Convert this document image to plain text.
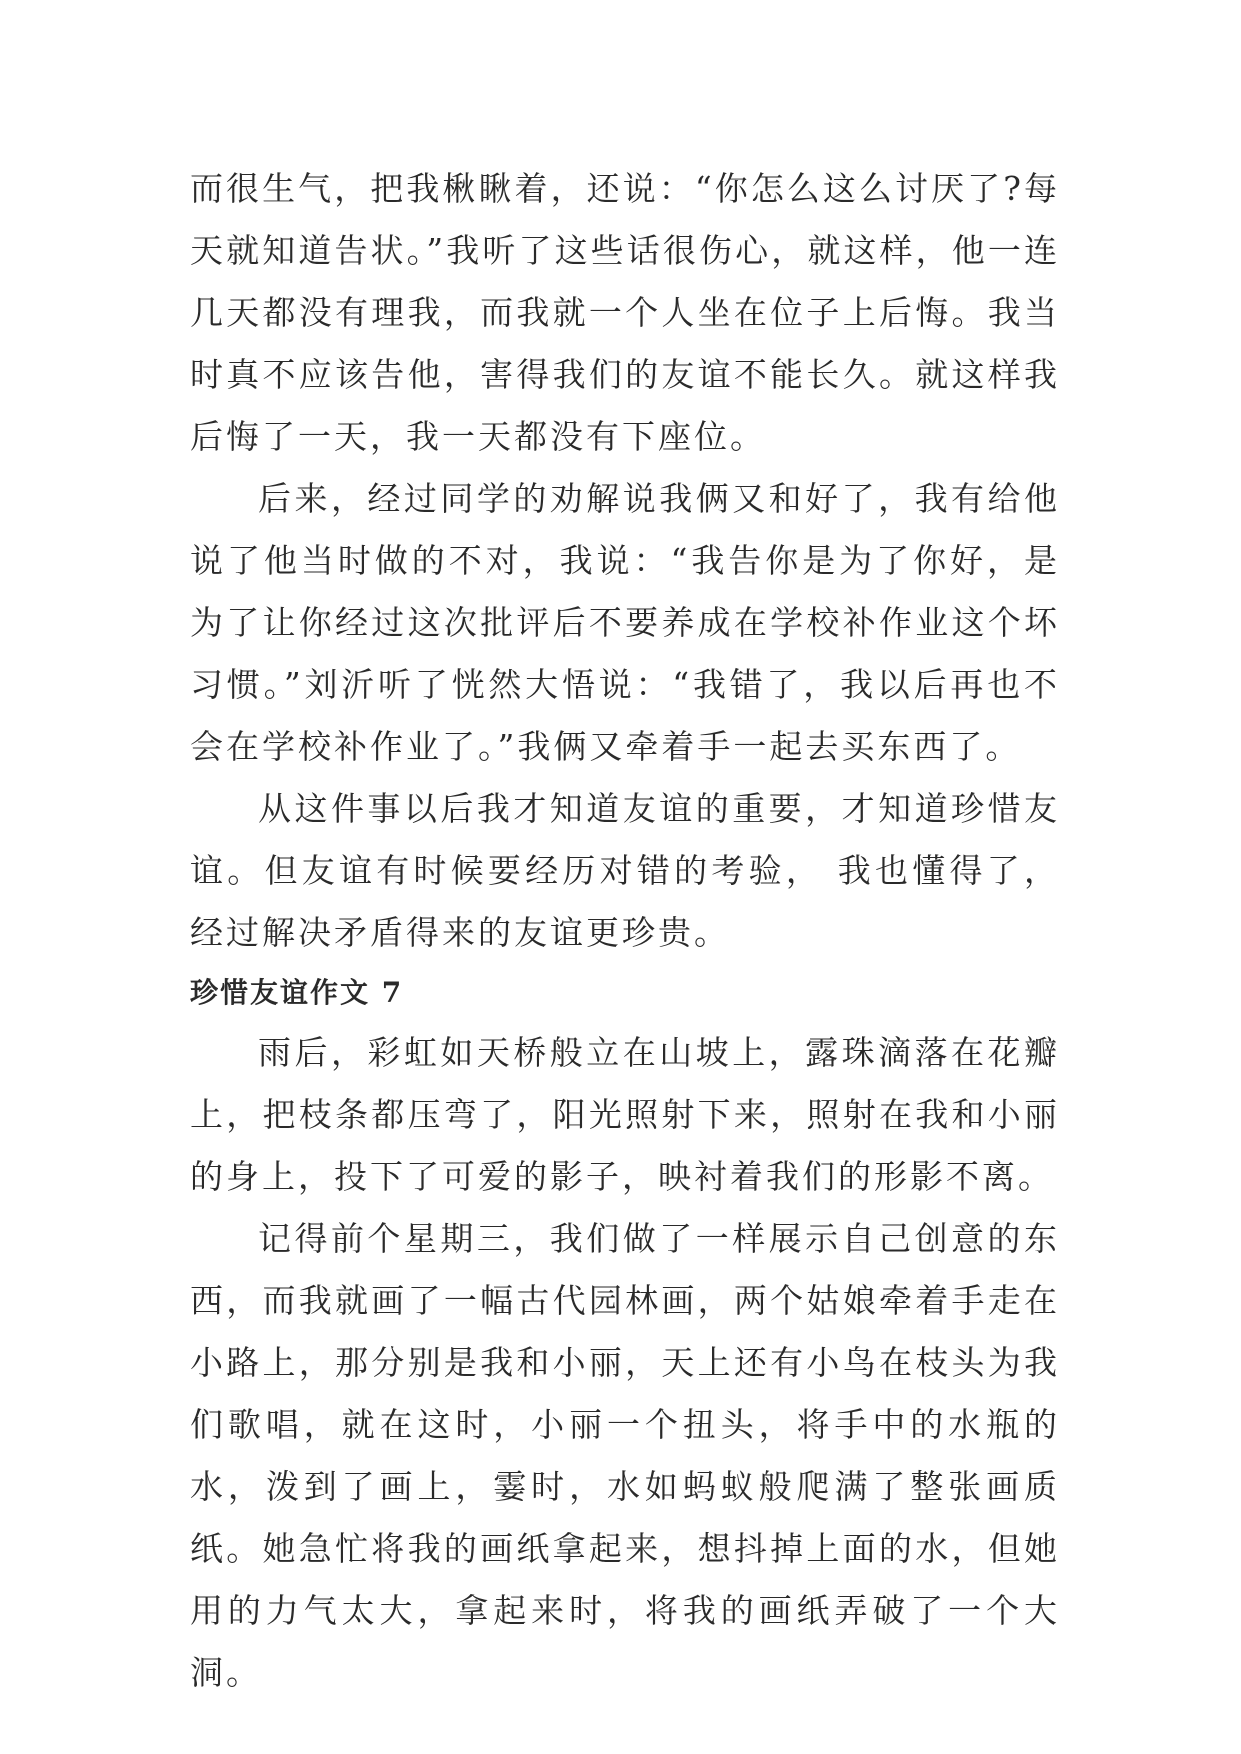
而很生气，把我楸瞅着，还说：“你怎么这么讨厌了?每天就知道告状。”我听了这些话很伤心，就这样，他一连几天都没有理我，而我就一个人坐在位子上后悔。我当时真不应该告他，害得我们的友谊不能长久。就这样我后悔了一天，我一天都没有下座位。

后来，经过同学的劝解说我俩又和好了，我有给他说了他当时做的不对，我说：“我告你是为了你好，是为了让你经过这次批评后不要养成在学校补作业这个坏习惯。”刘沂听了恍然大悟说：“我错了，我以后再也不会在学校补作业了。”我俩又牵着手一起去买东西了。

从这件事以后我才知道友谊的重要，才知道珍惜友谊。但友谊有时候要经历对错的考验， 我也懂得了，经过解决矛盾得来的友谊更珍贵。

珍惜友谊作文 7

雨后，彩虹如天桥般立在山坡上，露珠滴落在花瓣上，把枝条都压弯了，阳光照射下来，照射在我和小丽的身上，投下了可爱的影子，映衬着我们的形影不离。

记得前个星期三，我们做了一样展示自己创意的东西，而我就画了一幅古代园林画，两个姑娘牵着手走在小路上，那分别是我和小丽，天上还有小鸟在枝头为我们歌唱，就在这时，小丽一个扭头，将手中的水瓶的水，泼到了画上，霎时，水如蚂蚁般爬满了整张画质纸。她急忙将我的画纸拿起来，想抖掉上面的水，但她用的力气太大，拿起来时，将我的画纸弄破了一个大洞。
